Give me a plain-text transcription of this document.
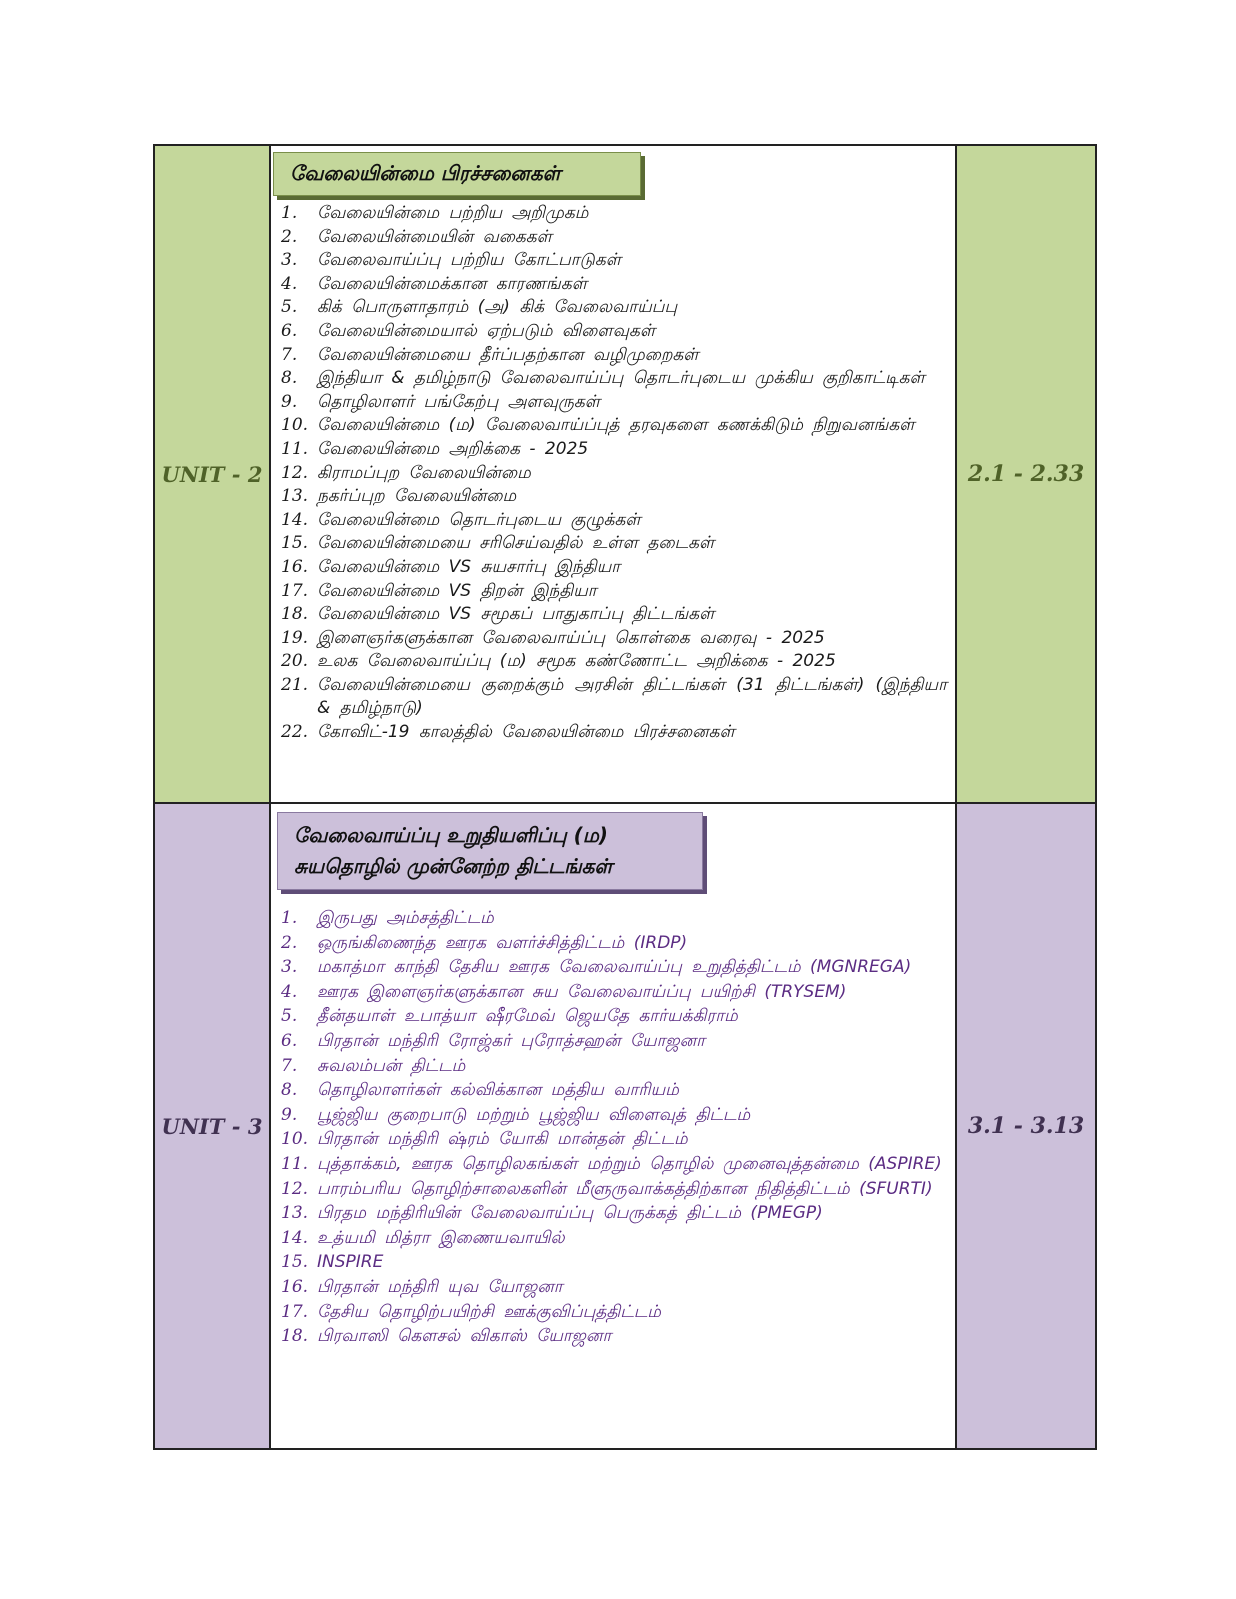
UNIT - 2
வேலையின்மை பிரச்சனைகள்
1.	வேலையின்மை பற்றிய அறிமுகம்
2.	வேலையின்மையின் வகைகள்
3.	வேலைவாய்ப்பு பற்றிய கோட்பாடுகள்
4.	வேலையின்மைக்கான காரணங்கள்
5.	கிக் பொருளாதாரம் (அ) கிக் வேலைவாய்ப்பு
6.	வேலையின்மையால் ஏற்படும் விளைவுகள்
7.	வேலையின்மையை தீர்ப்பதற்கான வழிமுறைகள்
8.	இந்தியா & தமிழ்நாடு வேலைவாய்ப்பு தொடர்புடைய முக்கிய குறிகாட்டிகள்
9.	தொழிலாளர் பங்கேற்பு அளவுருகள்
10. வேலையின்மை (ம) வேலைவாய்ப்புத் தரவுகளை கணக்கிடும் நிறுவனங்கள்
11. வேலையின்மை அறிக்கை - 2025
12. கிராமப்புற வேலையின்மை
13. நகர்ப்புற வேலையின்மை
14. வேலையின்மை தொடர்புடைய குழுக்கள்
15. வேலையின்மையை சரிசெய்வதில் உள்ள தடைகள்
16. வேலையின்மை VS சுயசார்பு இந்தியா
17. வேலையின்மை VS திறன் இந்தியா
18. வேலையின்மை VS சமூகப் பாதுகாப்பு திட்டங்கள்
19. இளைஞர்களுக்கான வேலைவாய்ப்பு கொள்கை வரைவு - 2025
20. உலக வேலைவாய்ப்பு (ம) சமூக கண்ணோட்ட அறிக்கை - 2025
21. வேலையின்மையை குறைக்கும் அரசின் திட்டங்கள் (31 திட்டங்கள்) (இந்தியா & தமிழ்நாடு)
22. கோவிட்-19 காலத்தில் வேலையின்மை பிரச்சனைகள்
2.1 - 2.33
UNIT - 3
வேலைவாய்ப்பு உறுதியளிப்பு (ம)
சுயதொழில் முன்னேற்ற திட்டங்கள்
1.	இருபது அம்சத்திட்டம்
2.	ஒருங்கிணைந்த ஊரக வளர்ச்சித்திட்டம் (IRDP)
3.	மகாத்மா காந்தி தேசிய ஊரக வேலைவாய்ப்பு உறுதித்திட்டம் (MGNREGA)
4.	ஊரக இளைஞர்களுக்கான சுய வேலைவாய்ப்பு பயிற்சி (TRYSEM)
5.	தீன்தயாள் உபாத்யா ஷீரமேவ் ஜெயதே கார்யக்கிராம்
6.	பிரதான் மந்திரி ரோஜ்கர் புரோத்சஹன் யோஜனா
7.	சுவலம்பன் திட்டம்
8.	தொழிலாளர்கள் கல்விக்கான மத்திய வாரியம்
9.	பூஜ்ஜிய குறைபாடு மற்றும் பூஜ்ஜிய விளைவுத் திட்டம்
10. பிரதான் மந்திரி ஷ்ரம் யோகி மான்தன் திட்டம்
11. புத்தாக்கம், ஊரக தொழிலகங்கள் மற்றும் தொழில் முனைவுத்தன்மை (ASPIRE)
12. பாரம்பரிய தொழிற்சாலைகளின் மீளுருவாக்கத்திற்கான நிதித்திட்டம் (SFURTI)
13. பிரதம மந்திரியின் வேலைவாய்ப்பு பெருக்கத் திட்டம் (PMEGP)
14. உத்யமி மித்ரா இணையவாயில்
15. INSPIRE
16. பிரதான் மந்திரி யுவ யோஜனா
17. தேசிய தொழிற்பயிற்சி ஊக்குவிப்புத்திட்டம்
18. பிரவாஸி கௌசல் விகாஸ் யோஜனா
3.1 - 3.13
